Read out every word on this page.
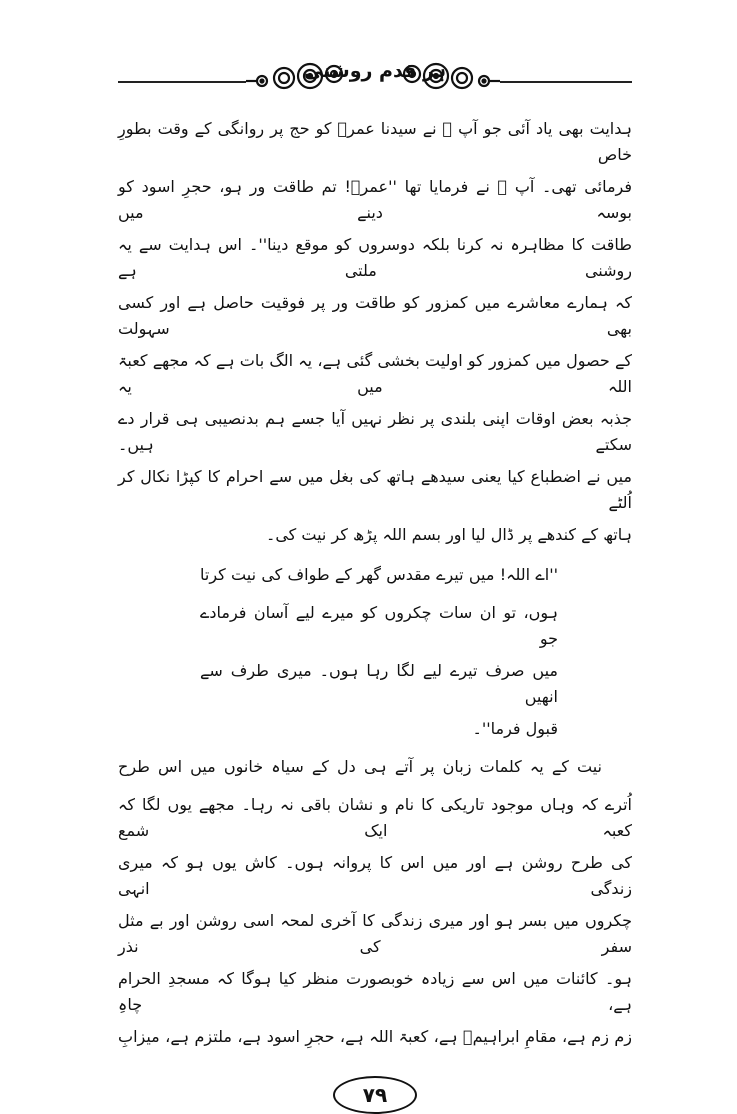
ہر قدم روشنی
ہدایت بھی یاد آئی جو آپ ﷺ نے سیدنا عمرؓ کو حج پر روانگی کے وقت بطورِ خاص
فرمائی تھی۔ آپ ﷺ نے فرمایا تھا ''عمرؓ! تم طاقت ور ہو، حجرِ اسود کو بوسہ دینے میں
طاقت کا مظاہرہ نہ کرنا بلکہ دوسروں کو موقع دینا''۔ اس ہدایت سے یہ روشنی ملتی ہے
کہ ہمارے معاشرے میں کمزور کو طاقت ور پر فوقیت حاصل ہے اور کسی بھی سہولت
کے حصول میں کمزور کو اولیت بخشی گئی ہے، یہ الگ بات ہے کہ مجھے کعبۃ اللہ میں یہ
جذبہ بعض اوقات اپنی بلندی پر نظر نہیں آیا جسے ہم بدنصیبی ہی قرار دے سکتے ہیں۔
میں نے اضطباع کیا یعنی سیدھے ہاتھ کی بغل میں سے احرام کا کپڑا نکال کر اُلٹے
ہاتھ کے کندھے پر ڈال لیا اور بسم اللہ پڑھ کر نیت کی۔
''اے اللہ! میں تیرے مقدس گھر کے طواف کی نیت کرتا
ہوں، تو ان سات چکروں کو میرے لیے آسان فرمادے جو
میں صرف تیرے لیے لگا رہا ہوں۔ میری طرف سے انھیں
قبول فرما''۔
نیت کے یہ کلمات زبان پر آتے ہی دل کے سیاہ خانوں میں اس طرح
اُترے کہ وہاں موجود تاریکی کا نام و نشان باقی نہ رہا۔ مجھے یوں لگا کہ کعبہ ایک شمع
کی طرح روشن ہے اور میں اس کا پروانہ ہوں۔ کاش یوں ہو کہ میری زندگی انہی
چکروں میں بسر ہو اور میری زندگی کا آخری لمحہ اسی روشن اور بے مثل سفر کی نذر
ہو۔ کائنات میں اس سے زیادہ خوبصورت منظر کیا ہوگا کہ مسجدِ الحرام ہے، چاہِ
زم زم ہے، مقامِ ابراہیمؑ ہے، کعبۃ اللہ ہے، حجرِ اسود ہے، ملتزم ہے، میزابِ
۷۹
